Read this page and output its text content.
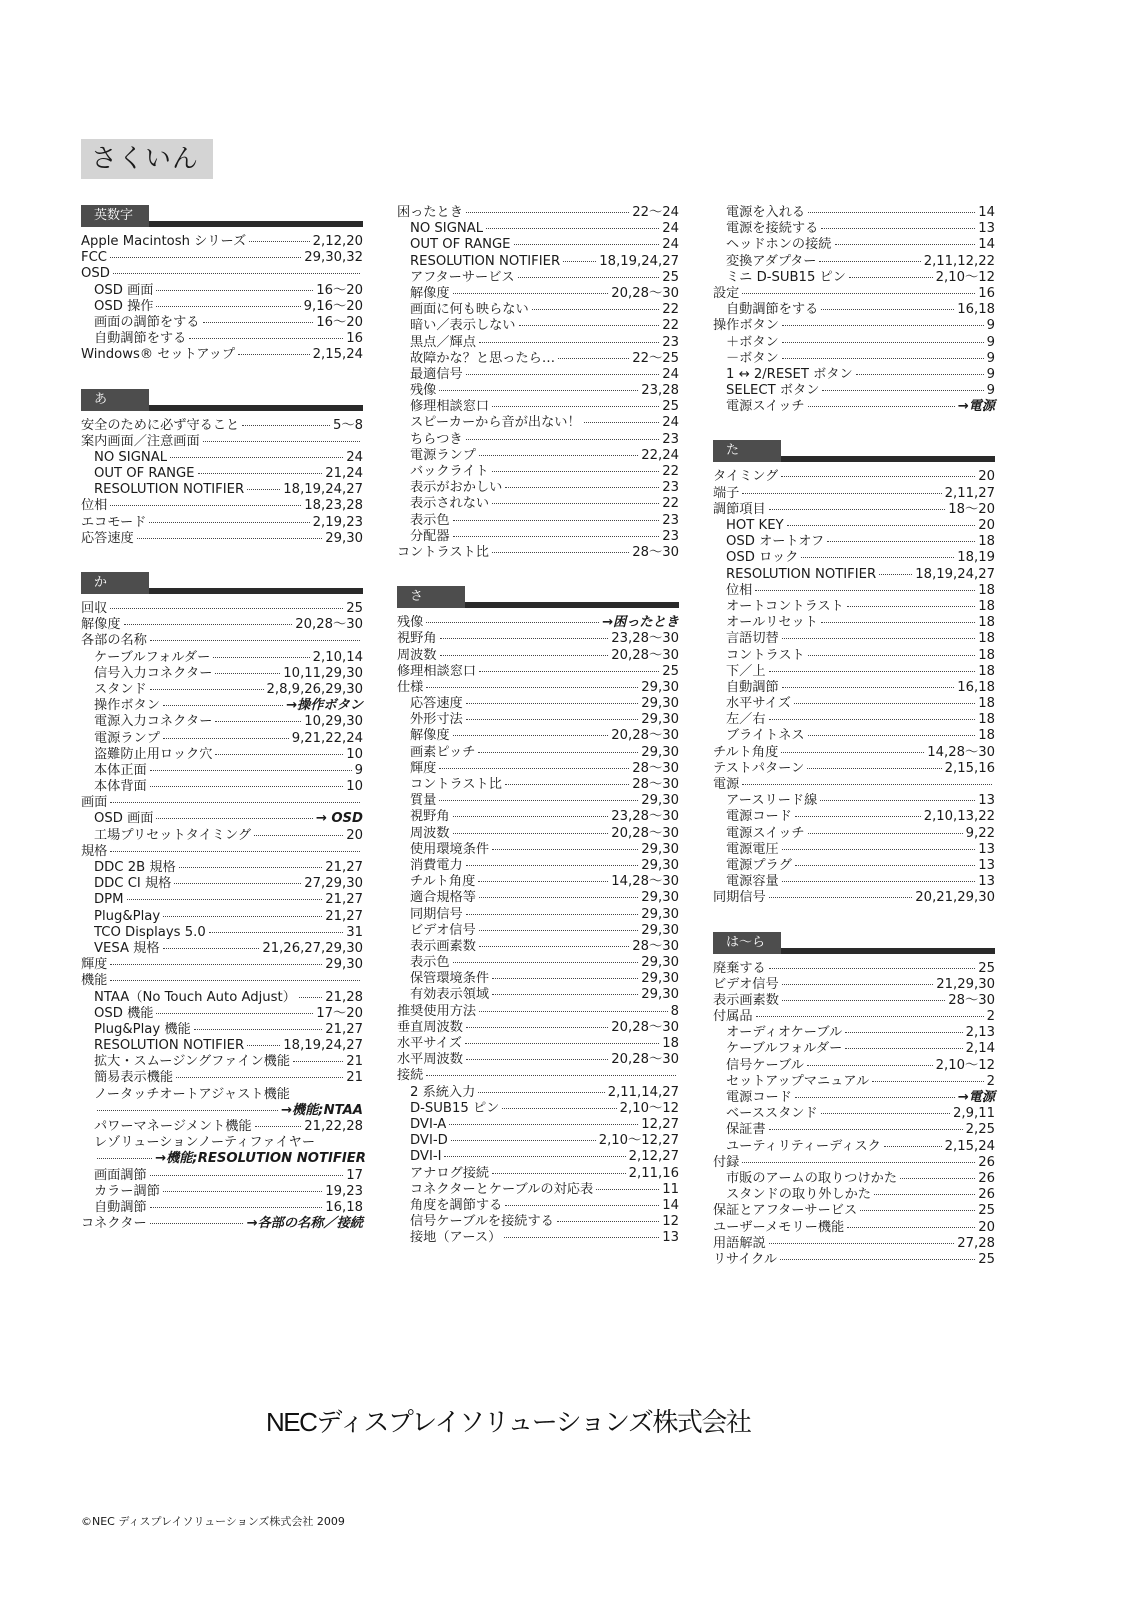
さくいん
英数字
Apple Macintosh シリーズ	2,12,20
FCC	29,30,32
OSD
OSD 画面	16～20
OSD 操作	9,16～20
画面の調節をする	16～20
自動調節をする	16
Windows® セットアップ	2,15,24
あ
安全のために必ず守ること	5～8
案内画面／注意画面
NO SIGNAL	24
OUT OF RANGE	21,24
RESOLUTION NOTIFIER	18,19,24,27
位相	18,23,28
エコモード	2,19,23
応答速度	29,30
か
回収	25
解像度	20,28～30
各部の名称
ケーブルフォルダー	2,10,14
信号入力コネクター	10,11,29,30
スタンド	2,8,9,26,29,30
操作ボタン	→操作ボタン
電源入力コネクター	10,29,30
電源ランプ	9,21,22,24
盗難防止用ロック穴	10
本体正面	9
本体背面	10
画面
OSD 画面	→ OSD
工場プリセットタイミング	20
規格
DDC 2B 規格	21,27
DDC CI 規格	27,29,30
DPM	21,27
Plug&Play	21,27
TCO Displays 5.0	31
VESA 規格	21,26,27,29,30
輝度	29,30
機能
NTAA（No Touch Auto Adjust） 21,28
OSD 機能	17～20
Plug&Play 機能	21,27
RESOLUTION NOTIFIER	18,19,24,27
拡大・スムージングファイン機能	21
簡易表示機能	21
ノータッチオートアジャスト機能
→機能;NTAA
パワーマネージメント機能	21,22,28
レゾリューションノーティファイヤー
→機能;RESOLUTION NOTIFIER
画面調節	17
カラー調節	19,23
自動調節	16,18
コネクター	→各部の名称／接続
困ったとき	22～24
NO SIGNAL	24
OUT OF RANGE	24
RESOLUTION NOTIFIER	18,19,24,27
アフターサービス	25
解像度	20,28～30
画面に何も映らない	22
暗い／表示しない	22
黒点／輝点	23
故障かな？と思ったら…	22～25
最適信号	24
残像	23,28
修理相談窓口	25
スピーカーから音が出ない！	24
ちらつき	23
電源ランプ	22,24
バックライト	22
表示がおかしい	23
表示されない	22
表示色	23
分配器	23
コントラスト比	28～30
さ
残像	→困ったとき
視野角	23,28～30
周波数	20,28～30
修理相談窓口	25
仕様	29,30
応答速度	29,30
外形寸法	29,30
解像度	20,28～30
画素ピッチ	29,30
輝度	28～30
コントラスト比	28～30
質量	29,30
視野角	23,28～30
周波数	20,28～30
使用環境条件	29,30
消費電力	29,30
チルト角度	14,28～30
適合規格等	29,30
同期信号	29,30
ビデオ信号	29,30
表示画素数	28～30
表示色	29,30
保管環境条件	29,30
有効表示領域	29,30
推奨使用方法	8
垂直周波数	20,28～30
水平サイズ	18
水平周波数	20,28～30
接続
2 系統入力	2,11,14,27
D-SUB15 ピン	2,10～12
DVI-A	12,27
DVI-D	2,10～12,27
DVI-I	2,12,27
アナログ接続	2,11,16
コネクターとケーブルの対応表	11
角度を調節する	14
信号ケーブルを接続する	12
接地（アース）	13
電源を入れる	14
電源を接続する	13
ヘッドホンの接続	14
変換アダプター	2,11,12,22
ミニ D-SUB15 ピン	2,10～12
設定	16
自動調節をする	16,18
操作ボタン	9
＋ボタン	9
－ボタン	9
1 ↔ 2/RESET ボタン	9
SELECT ボタン	9
電源スイッチ	→電源
た
タイミング	20
端子	2,11,27
調節項目	18～20
HOT KEY	20
OSD オートオフ	18
OSD ロック	18,19
RESOLUTION NOTIFIER	18,19,24,27
位相	18
オートコントラスト	18
オールリセット	18
言語切替	18
コントラスト	18
下／上	18
自動調節	16,18
水平サイズ	18
左／右	18
ブライトネス	18
チルト角度	14,28～30
テストパターン	2,15,16
電源
アースリード線	13
電源コード	2,10,13,22
電源スイッチ	9,22
電源電圧	13
電源プラグ	13
電源容量	13
同期信号	20,21,29,30
は～ら
廃棄する	25
ビデオ信号	21,29,30
表示画素数	28～30
付属品	2
オーディオケーブル	2,13
ケーブルフォルダー	2,14
信号ケーブル	2,10～12
セットアップマニュアル	2
電源コード	→電源
ベーススタンド	2,9,11
保証書	2,25
ユーティリティーディスク	2,15,24
付録	26
市販のアームの取りつけかた	26
スタンドの取り外しかた	26
保証とアフターサービス	25
ユーザーメモリー機能	20
用語解説	27,28
リサイクル	25
NECディスプレイソリューションズ株式会社
©NEC ディスプレイソリューションズ株式会社 2009
